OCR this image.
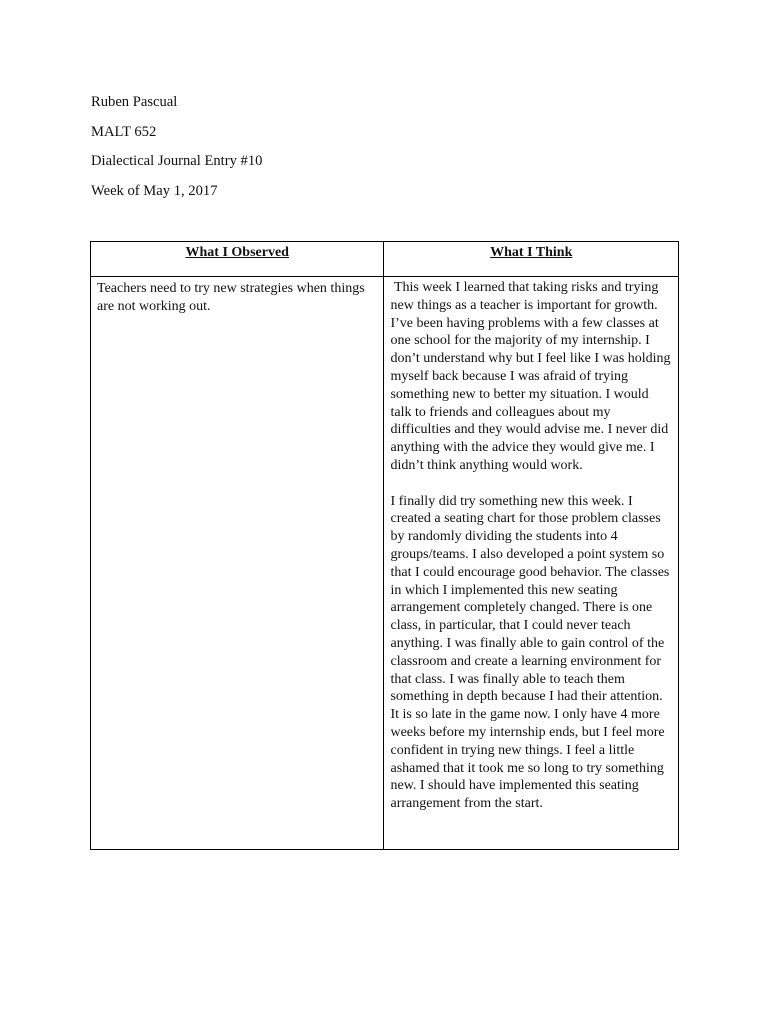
Ruben Pascual
MALT 652
Dialectical Journal Entry #10
Week of May 1, 2017
What I Observed	What I Think

Teachers need to try new strategies when things are not working out.	This week I learned that taking risks and trying new things as a teacher is important for growth. I’ve been having problems with a few classes at one school for the majority of my internship. I don’t understand why but I feel like I was holding myself back because I was afraid of trying something new to better my situation. I would talk to friends and colleagues about my difficulties and they would advise me. I never did anything with the advice they would give me. I didn’t think anything would work.

I finally did try something new this week. I created a seating chart for those problem classes by randomly dividing the students into 4 groups/teams. I also developed a point system so that I could encourage good behavior. The classes in which I implemented this new seating arrangement completely changed. There is one class, in particular, that I could never teach anything. I was finally able to gain control of the classroom and create a learning environment for that class. I was finally able to teach them something in depth because I had their attention. It is so late in the game now. I only have 4 more weeks before my internship ends, but I feel more confident in trying new things. I feel a little ashamed that it took me so long to try something new. I should have implemented this seating arrangement from the start.
